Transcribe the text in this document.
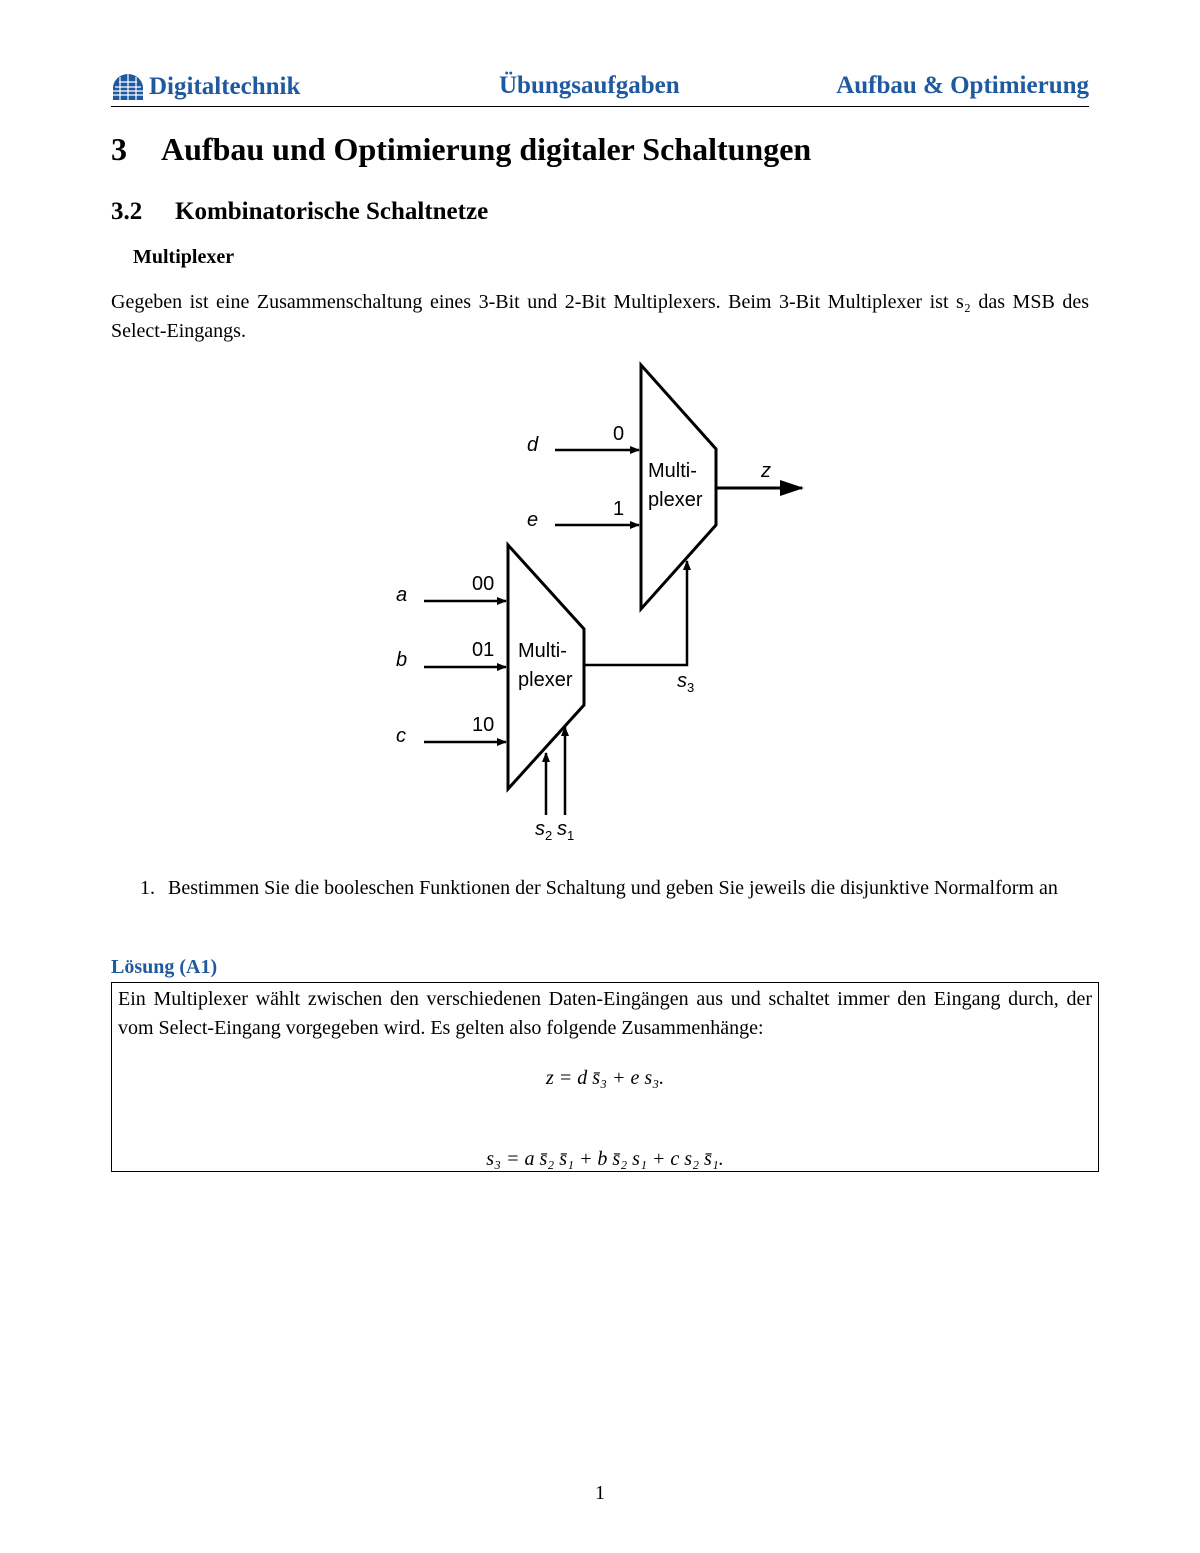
Digitaltechnik	Übungsaufgaben	Aufbau & Optimierung
3 Aufbau und Optimierung digitaler Schaltungen
3.2 Kombinatorische Schaltnetze
Multiplexer
Gegeben ist eine Zusammenschaltung eines 3-Bit und 2-Bit Multiplexers. Beim 3-Bit Multiplexer ist s₂ das MSB des Select-Eingangs.
Multi-
plexer
Multi-
plexer
d
e
0
1
z
a
b
c
00
01
10
$s_3$
$s_2$ $s_1$
1. Bestimmen Sie die booleschen Funktionen der Schaltung und geben Sie jeweils die disjunktive Normalform an
Lösung (A1)
Ein Multiplexer wählt zwischen den verschiedenen Daten-Eingängen aus und schaltet immer den Eingang durch, der vom Select-Eingang vorgegeben wird. Es gelten also folgende Zusammenhänge:
z = d s̄₃ + e s₃.
s₃ = a s̄₂ s̄₁ + b s̄₂ s₁ + c s₂ s̄₁.
1
